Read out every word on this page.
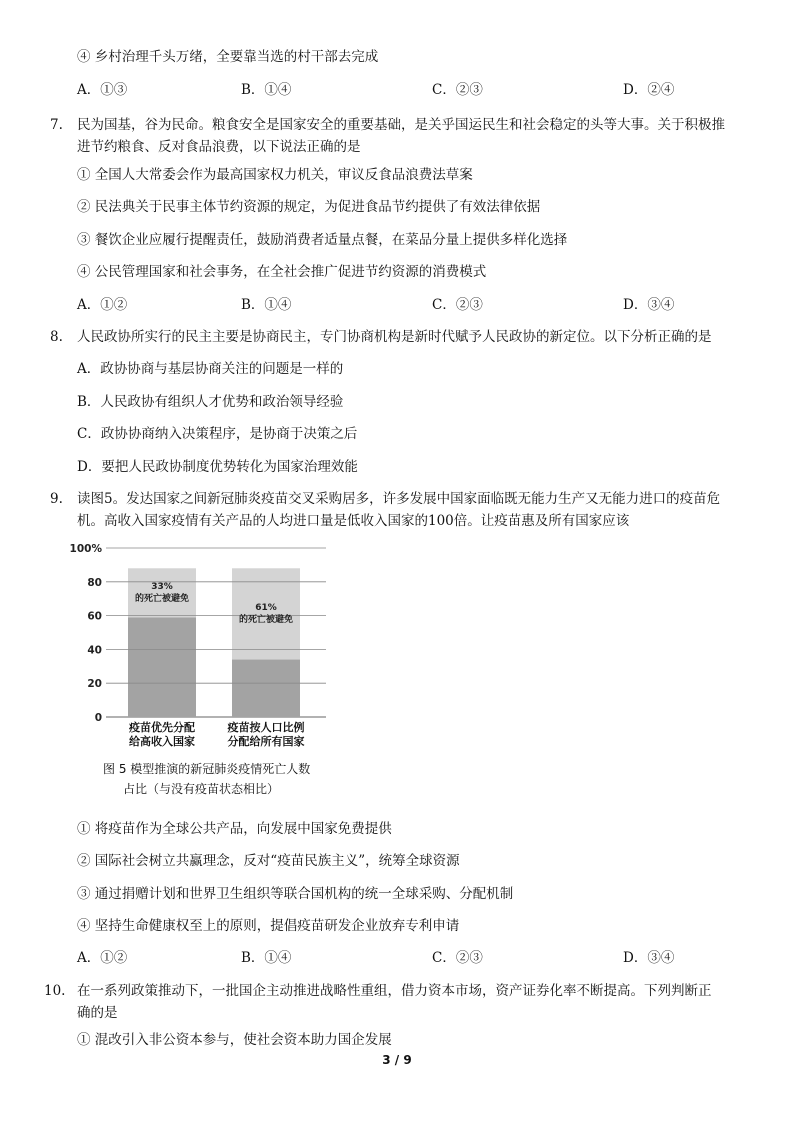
④ 乡村治理千头万绪，全要靠当选的村干部去完成
A．①③	B．①④	C．②③	D．②④
7. 民为国基，谷为民命。粮食安全是国家安全的重要基础，是关乎国运民生和社会稳定的头等大事。关于积极推
进节约粮食、反对食品浪费，以下说法正确的是
① 全国人大常委会作为最高国家权力机关，审议反食品浪费法草案
② 民法典关于民事主体节约资源的规定，为促进食品节约提供了有效法律依据
③ 餐饮企业应履行提醒责任，鼓励消费者适量点餐，在菜品分量上提供多样化选择
④ 公民管理国家和社会事务，在全社会推广促进节约资源的消费模式
A．①②	B．①④	C．②③	D．③④
8. 人民政协所实行的民主主要是协商民主，专门协商机构是新时代赋予人民政协的新定位。以下分析正确的是
A．政协协商与基层协商关注的问题是一样的
B．人民政协有组织人才优势和政治领导经验
C．政协协商纳入决策程序，是协商于决策之后
D．要把人民政协制度优势转化为国家治理效能
9. 读图5。发达国家之间新冠肺炎疫苗交叉采购居多，许多发展中国家面临既无能力生产又无能力进口的疫苗危
机。高收入国家疫情有关产品的人均进口量是低收入国家的100倍。让疫苗惠及所有国家应该
0
20
40
60
80
100%
33%
的死亡被避免
疫苗优先分配
给高收入国家
61%
的死亡被避免
疫苗按人口比例
分配给所有国家
图 5 模型推演的新冠肺炎疫情死亡人数
占比（与没有疫苗状态相比）
① 将疫苗作为全球公共产品，向发展中国家免费提供
② 国际社会树立共赢理念，反对“疫苗民族主义”，统筹全球资源
③ 通过捐赠计划和世界卫生组织等联合国机构的统一全球采购、分配机制
④ 坚持生命健康权至上的原则，提倡疫苗研发企业放弃专利申请
A．①②	B．①④	C．②③	D．③④
10. 在一系列政策推动下，一批国企主动推进战略性重组，借力资本市场，资产证券化率不断提高。下列判断正
确的是
① 混改引入非公资本参与，使社会资本助力国企发展
3 / 9
